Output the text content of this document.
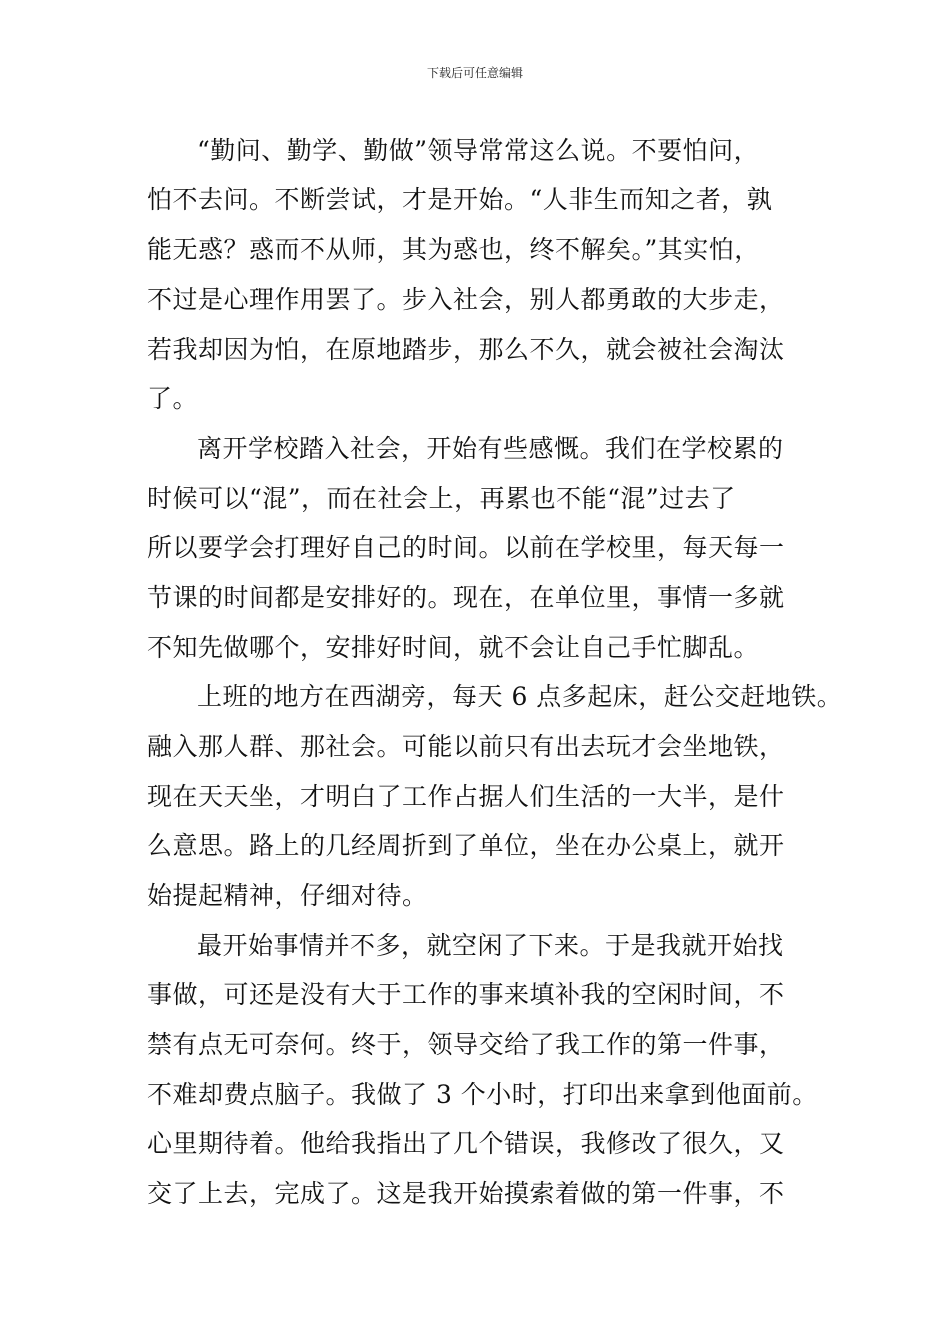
下载后可任意编辑
“勤问、勤学、勤做”领导常常这么说。不要怕问，
怕不去问。不断尝试，才是开始。“人非生而知之者，孰
能无惑？惑而不从师，其为惑也，终不解矣。”其实怕，
不过是心理作用罢了。步入社会，别人都勇敢的大步走，
若我却因为怕，在原地踏步，那么不久，就会被社会淘汰
了。
离开学校踏入社会，开始有些感慨。我们在学校累的
时候可以“混”，而在社会上，再累也不能“混”过去了
所以要学会打理好自己的时间。以前在学校里，每天每一
节课的时间都是安排好的。现在，在单位里，事情一多就
不知先做哪个，安排好时间，就不会让自己手忙脚乱。
上班的地方在西湖旁，每天 6 点多起床，赶公交赶地铁。
融入那人群、那社会。可能以前只有出去玩才会坐地铁，
现在天天坐，才明白了工作占据人们生活的一大半，是什
么意思。路上的几经周折到了单位，坐在办公桌上，就开
始提起精神，仔细对待。
最开始事情并不多，就空闲了下来。于是我就开始找
事做，可还是没有大于工作的事来填补我的空闲时间，不
禁有点无可奈何。终于，领导交给了我工作的第一件事，
不难却费点脑子。我做了 3 个小时，打印出来拿到他面前。
心里期待着。他给我指出了几个错误，我修改了很久，又
交了上去，完成了。这是我开始摸索着做的第一件事，不
